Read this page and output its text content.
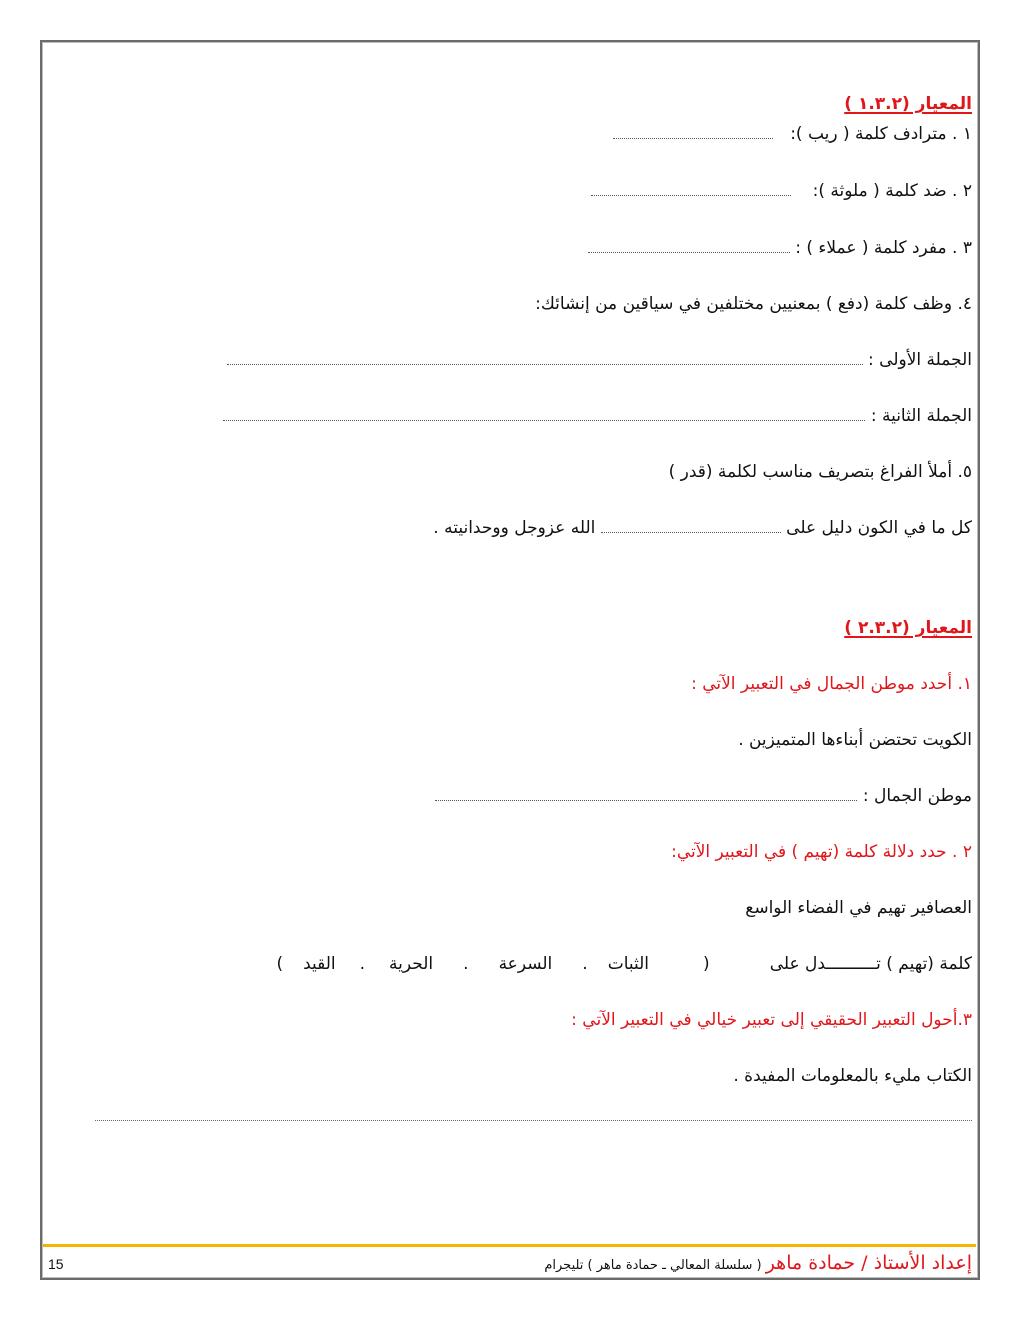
المعيار (١.٣.٢ )
١ . مترادف كلمة ( ريب ):
٢ . ضد كلمة ( ملوثة ):
٣ . مفرد كلمة ( عملاء ) :
٤. وظف كلمة (دفع ) بمعنيين مختلفين في سياقين من إنشائك:
الجملة الأولى :
الجملة الثانية :
٥. أملأ الفراغ بتصريف مناسب لكلمة (قدر )
كل ما في الكون دليل على  الله عزوجل ووحدانيته .
المعيار (٢.٣.٢ )
١. أحدد موطن الجمال في التعبير الآتي :
الكويت تحتضن أبناءها المتميزين .
موطن الجمال :
٢ . حدد دلالة كلمة (تهيم ) في التعبير الآتي:
العصافير تهيم في الفضاء الواسع
كلمة (تهيم ) تــــــــــدل على(الثبات.السرعة.الحرية.القيد)
٣.أحول التعبير الحقيقي إلى تعبير خيالي في التعبير الآتي :
الكتاب مليء بالمعلومات المفيدة .
إعداد الأستاذ / حمادة ماهر ( سلسلة المعالي ـ حمادة ماهر ) تليجرام
15
